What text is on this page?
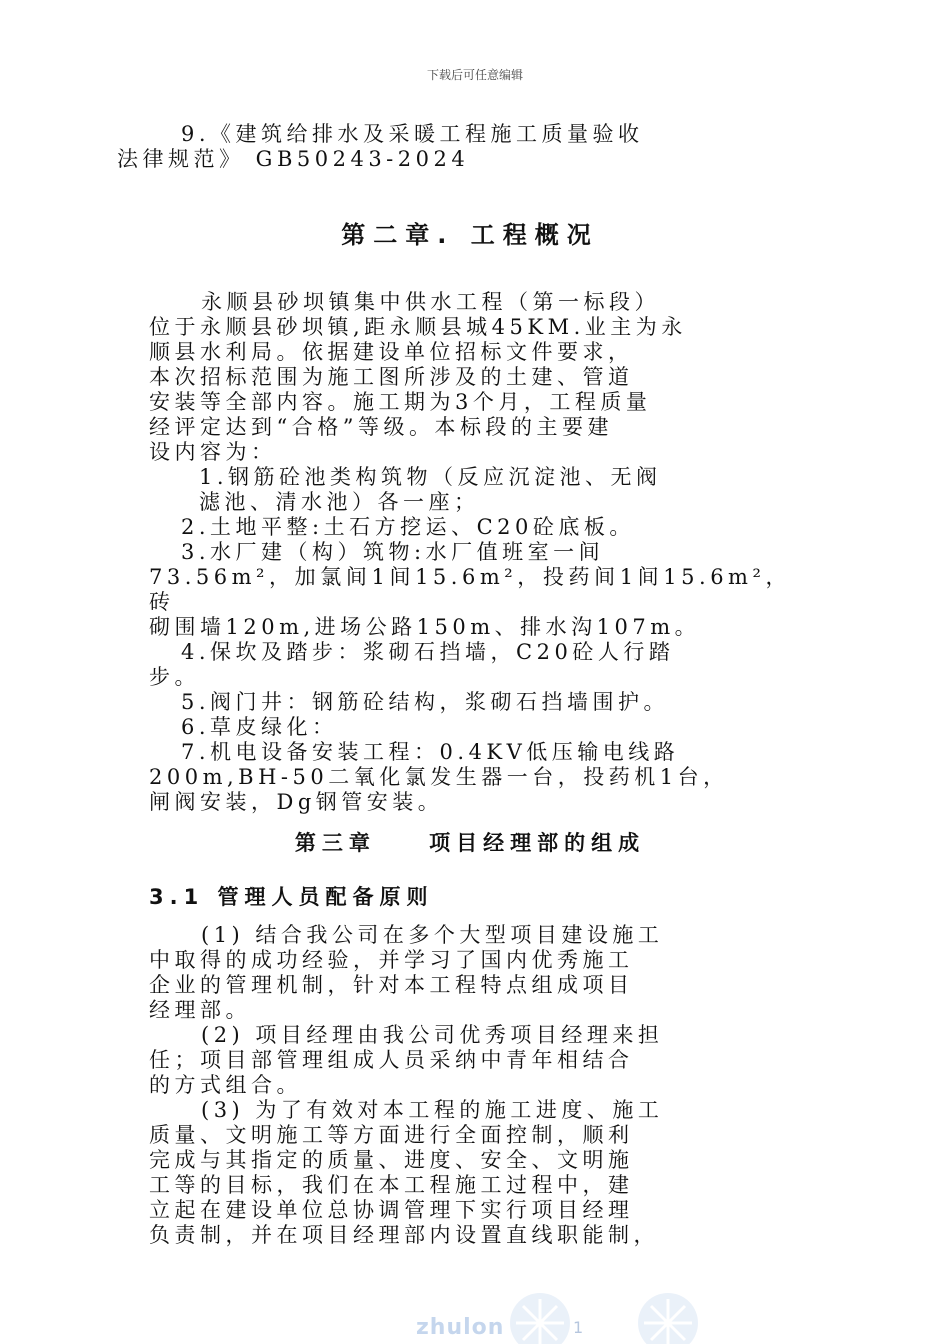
下载后可任意编辑

9.《建筑给排水及采暖工程施工质量验收
法律规范》 GB50243-2024

第二章. 工程概况

永顺县砂坝镇集中供水工程（第一标段）
位于永顺县砂坝镇,距永顺县城45KM.业主为永
顺县水利局。依据建设单位招标文件要求，
本次招标范围为施工图所涉及的土建、管道
安装等全部内容。施工期为3个月，工程质量
经评定达到“合格”等级。本标段的主要建
设内容为：

1.钢筋砼池类构筑物（反应沉淀池、无阀
滤池、清水池）各一座；

2.土地平整:土石方挖运、C20砼底板。

3.水厂建（构）筑物:水厂值班室一间
73.56m²，加氯间1间15.6m²，投药间1间15.6m²，砖
砌围墙120m,进场公路150m、排水沟107m。

4.保坎及踏步：浆砌石挡墙，C20砼人行踏
步。

5.阀门井：钢筋砼结构，浆砌石挡墙围护。

6.草皮绿化：

7.机电设备安装工程：0.4KV低压输电线路
200m,BH-50二氧化氯发生器一台，投药机1台，
闸阀安装，Dg钢管安装。

第三章    项目经理部的组成
3.1 管理人员配备原则

(1) 结合我公司在多个大型项目建设施工
中取得的成功经验，并学习了国内优秀施工
企业的管理机制，针对本工程特点组成项目
经理部。

(2) 项目经理由我公司优秀项目经理来担
任；项目部管理组成人员采纳中青年相结合
的方式组合。

(3) 为了有效对本工程的施工进度、施工
质量、文明施工等方面进行全面控制，顺利
完成与其指定的质量、进度、安全、文明施
工等的目标，我们在本工程施工过程中，建
立起在建设单位总协调管理下实行项目经理
负责制，并在项目经理部内设置直线职能制，

zhulon	1
